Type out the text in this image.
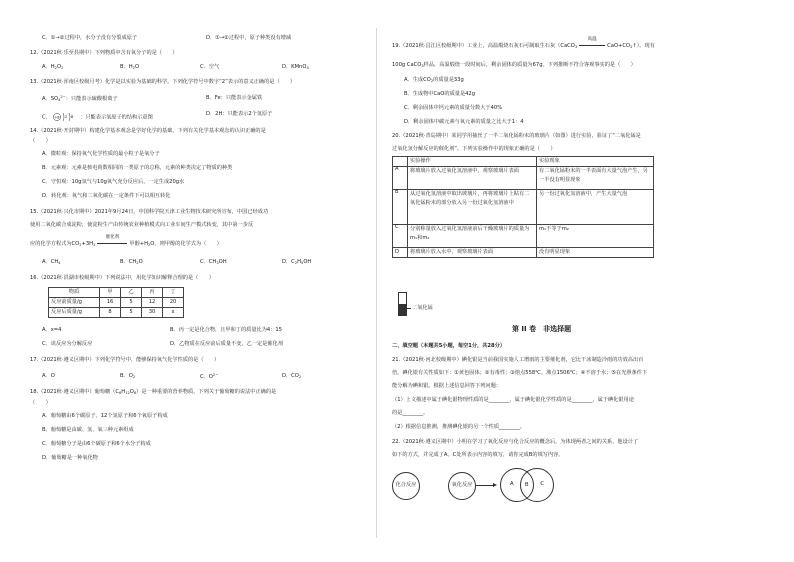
C．①→②过程中，水分子没有分裂成原子	D．①→②过程中，原子种类没有增减
12.（2021秋·乐至县期中）下列物质中含有氧分子的是（　　）
A．$H_2O_2$	B．$H_2O$	C．空气	D．KMnO$_4$
13.（2021秋·浑南区校级月考）化学是以实验为基础的科学。下列化学符号中数字“2”表示的意义正确的是（　　）
A．$SO_4^{2-}$：只能表示硫酸根离子	B．Fe：只能表示金属铁
C． +8 2 8 ：只能表示氧原子的结构示意图
D．2H：只能表示2个氢原子
14.（2021秋·开封期中）构建化学基本观念是学好化学的基础，下列有关化学基本观念的认识正确的是
（　　）
A．微粒观：保持氧气化学性质的最小粒子是氧分子
B．元素观：元素是核电荷数相同的一类原子的总称，元素的种类决定了物质的种类
C．守恒观：10g氢气与10g氧气充分反应后，一定生成20g水
D．转化观：氧气和二氧化碳在一定条件下可以相互转化
15.（2021秋·兴化市期中）2021年9月24日，中国科学院天津工业生物技术研究所宣布，中国已经成功
使用二氧化碳合成淀粉，使淀粉生产由传统农业种植模式向工业车间生产模式转变，其中第一步反
应的化学方程式为$CO_2+3H_2$
催化剂
甲醇$+H_2O$，则甲醇的化学式为（　　）
A．$CH_4$	B．$CH_2O$	C．$CH_3OH$	D．$C_2H_5OH$
16.（2021秋·洪湖市校级期中）下列说法中，用化学知识解释合理的是（　　）
物质	甲	乙	丙	丁
反应前质量/g	16	5	12	20
反应后质量/g	8	5	30	x
A．x=4	B．丙一定是化合物，且甲和丁的质量比为4：15
C．该反应为分解反应	D．乙物质在反应前后质量不变，乙一定是催化剂
17.（2021秋·遵义区期中）下列化学符号中，能够保持氧气化学性质的是（　　）
A．O	B．$O_2$	C．$O^{2-}$	D．$CO_2$
18.（2021秋·遵义区期中）葡萄糖$(C_6H_{12}O_6)$是一种重要的营养物质，下列关于葡萄糖的说法中正确的是
（　　）
A．葡萄糖由6个碳原子、12个氢原子和6个氧原子构成
B．葡萄糖是由碳、氢、氧三种元素组成
C．葡萄糖分子是由6个碳原子和6个水分子构成
D．葡萄糖是一种氧化物
19.（2021秋·昌江区校级期中）工业上，高温煅烧石灰石可制取生石灰（CaCO$_3$
高温
$CaO+CO_2↑$）。现有
100g CaCO$_3$样品，高温煅烧一段时间后，剩余固体的质量为67g。下列推断不符合客观事实的是（　　）
A．生成$CO_2$的质量是33g
B．生成物中CaO的质量是42g
C．剩余固体中钙元素的质量分数大于40%
D．剩余固体中碳元素与氧元素的质量之比大于1：4
20.（2021秋·青岛期中）某同学用抽丝了一半二氧化锰粉末的玻璃片（如图）进行实验，验证了“二氧化锰是
过氧化氢分解反应的催化剂”。下列实验操作中的现象正确的是（　　）
	实验操作	实验现象
A	将玻璃片放入过氧化氢溶液中，观察玻璃片表面	有二氧化锰粉末的一半表面有大量气泡产生，另一半没有明显现象
B	从过氧化氢溶液中取出玻璃片，再将玻璃片上粘有二氧化锰粉末的部分放入另一份过氧化氢溶液中	另一份过氧化氢溶液中，产生大量气泡
C	分别称量放入过氧化氢溶液前后干燥玻璃片的质量为m₁和m₂	m₁不等于m₂
D	将玻璃片放入水中，观察玻璃片表面	没有明显现象
二氧化锰
第 II 卷　非选择题
二、填空题（本题共5小题，每空1分，共28分）
21.（2021秋·河北校级期中）碘化银是当前我国实施人工增雨的主要催化剂，它比干冰制造冷雨的功效高出百
倍。碘化银有关性质如下：①黄色固体；②有毒性；③熔点558℃，沸点1506℃；④不溶于水；⑤在光照条件下
能分解为碘和银。根据上述信息回答下列问题：
（1）上文描述中属于碘化银物理性质的是________，属于碘化银化学性质的是________，属于碘化银用途
的是________。
（2）根据信息推测，推测碘化银的另一个性质________。
22.（2021秋·遵义区期中）小明在学习了氧化反应与化合反应的概念后，为体现两者之间的关系，他设计了
如下的方式，并完成了A、C处所表示内容的填写，请你完成B的填写内容。
化合反应	氧化反应	A	C
B
